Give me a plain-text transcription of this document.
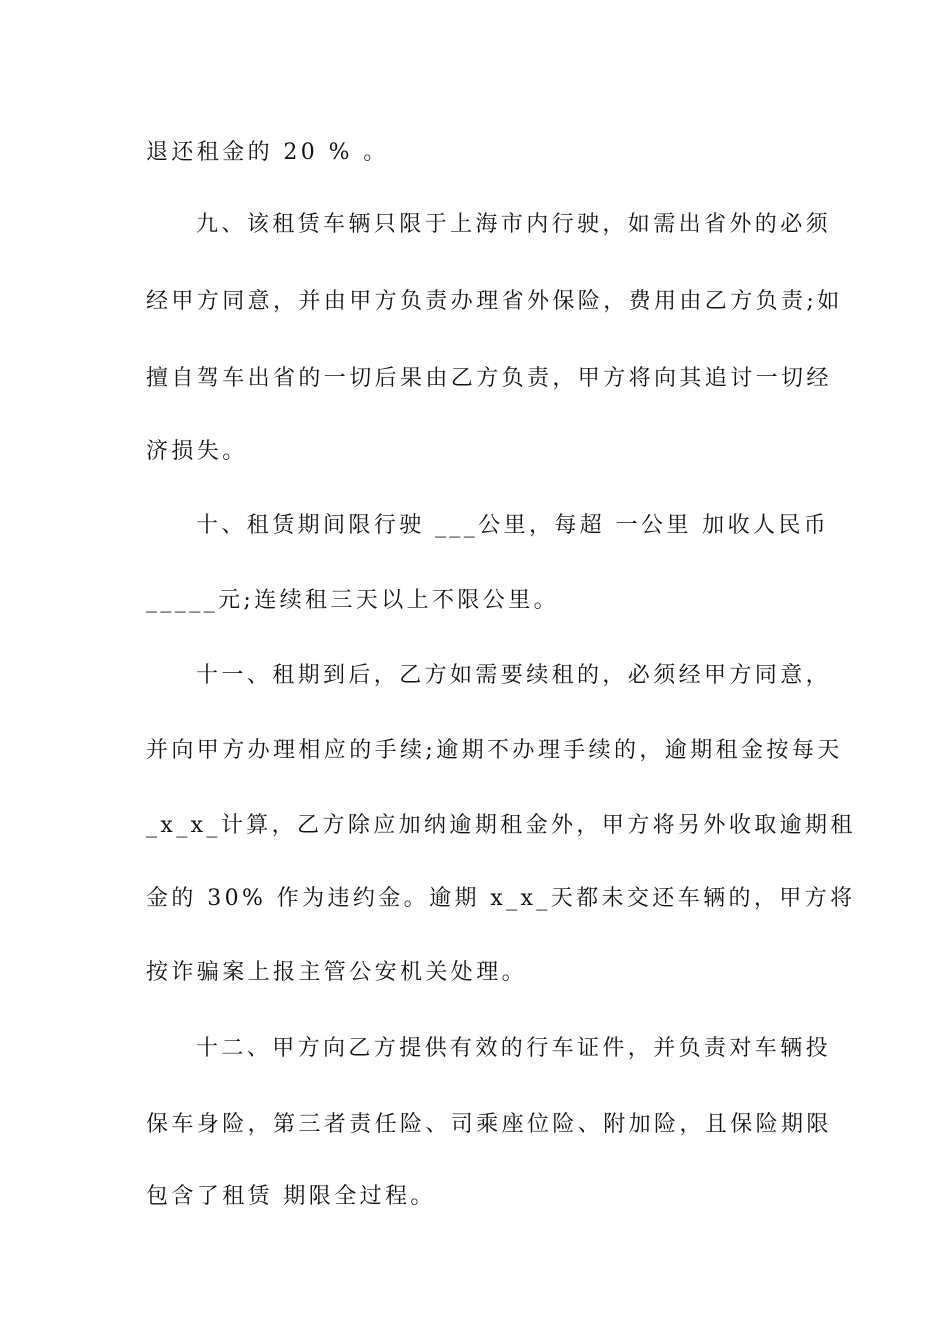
退还租金的 20 % 。
九、该租赁车辆只限于上海市内行驶，如需出省外的必须
经甲方同意，并由甲方负责办理省外保险，费用由乙方负责;如
擅自驾车出省的一切后果由乙方负责，甲方将向其追讨一切经
济损失。
十、租赁期间限行驶 ___公里，每超 一公里 加收人民币
_____元;连续租三天以上不限公里。
十一、租期到后，乙方如需要续租的，必须经甲方同意，
并向甲方办理相应的手续;逾期不办理手续的，逾期租金按每天
_x_x_计算，乙方除应加纳逾期租金外，甲方将另外收取逾期租
金的 30% 作为违约金。逾期 x_x_天都未交还车辆的，甲方将
按诈骗案上报主管公安机关处理。
十二、甲方向乙方提供有效的行车证件，并负责对车辆投
保车身险，第三者责任险、司乘座位险、附加险，且保险期限
包含了租赁 期限全过程。
